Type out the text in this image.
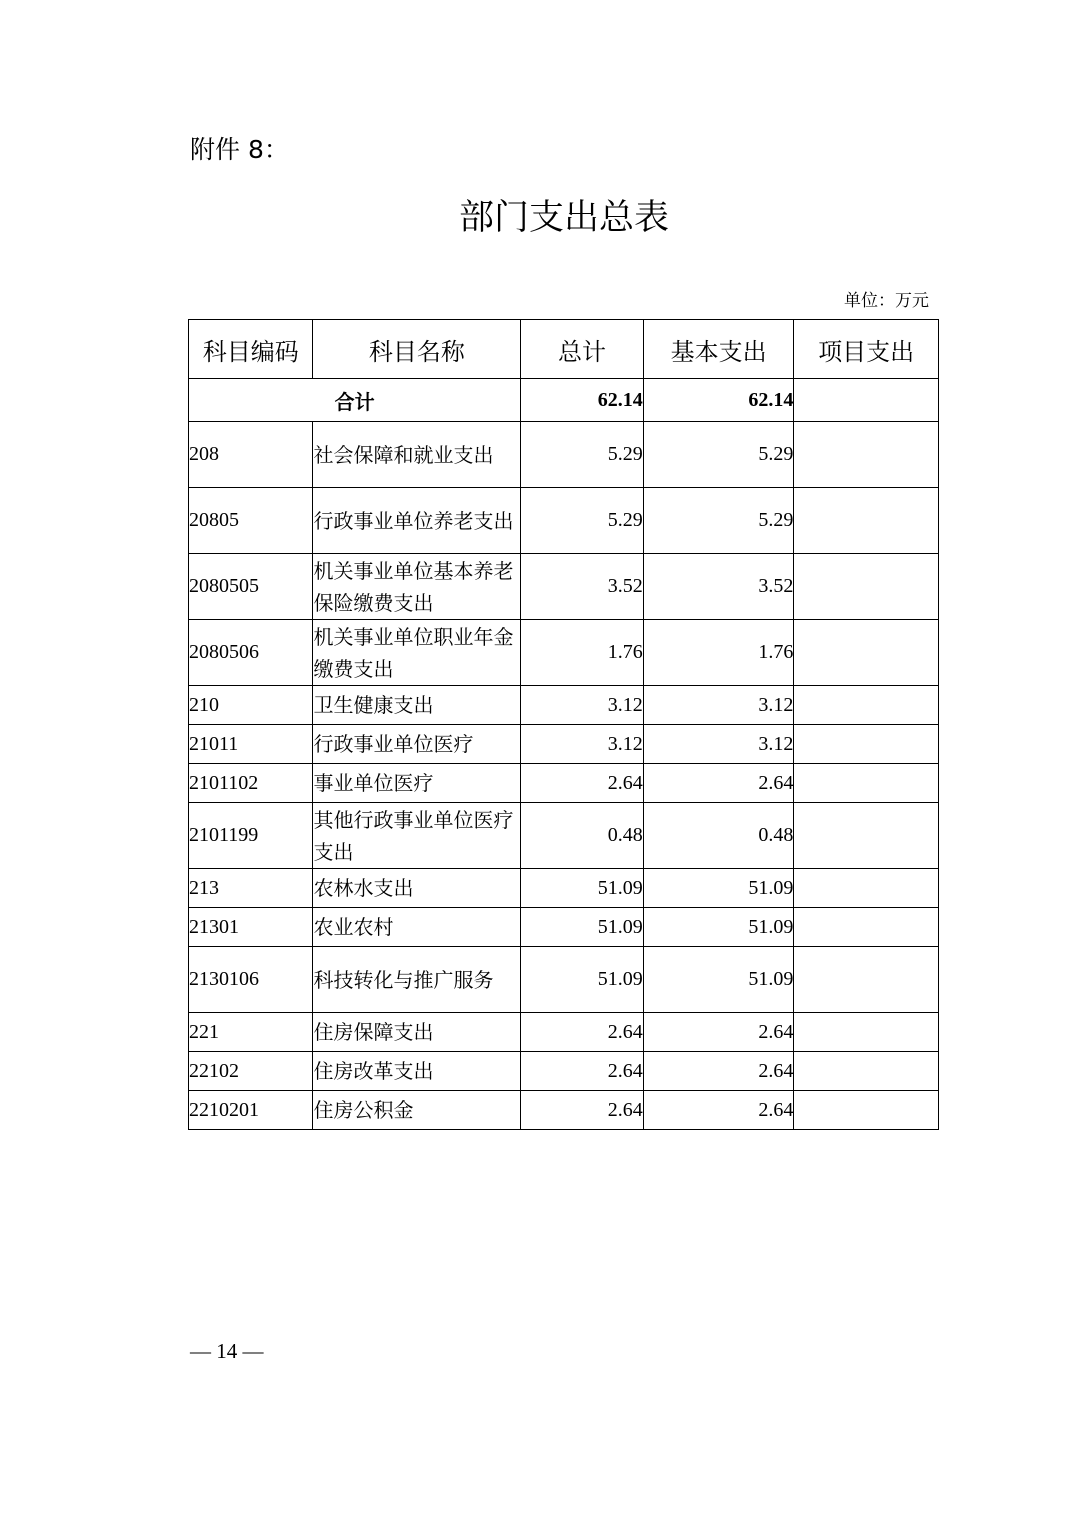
附件 8：
部门支出总表
单位：万元
科目编码	科目名称	总计	基本支出	项目支出
合计		62.14	62.14	
208	社会保障和就业支出	5.29	5.29	
20805	行政事业单位养老支出	5.29	5.29	
2080505	机关事业单位基本养老保险缴费支出	3.52	3.52	
2080506	机关事业单位职业年金缴费支出	1.76	1.76	
210	卫生健康支出	3.12	3.12	
21011	行政事业单位医疗	3.12	3.12	
2101102	事业单位医疗	2.64	2.64	
2101199	其他行政事业单位医疗支出	0.48	0.48	
213	农林水支出	51.09	51.09	
21301	农业农村	51.09	51.09	
2130106	科技转化与推广服务	51.09	51.09	
221	住房保障支出	2.64	2.64	
22102	住房改革支出	2.64	2.64	
2210201	住房公积金	2.64	2.64	
— 14 —
